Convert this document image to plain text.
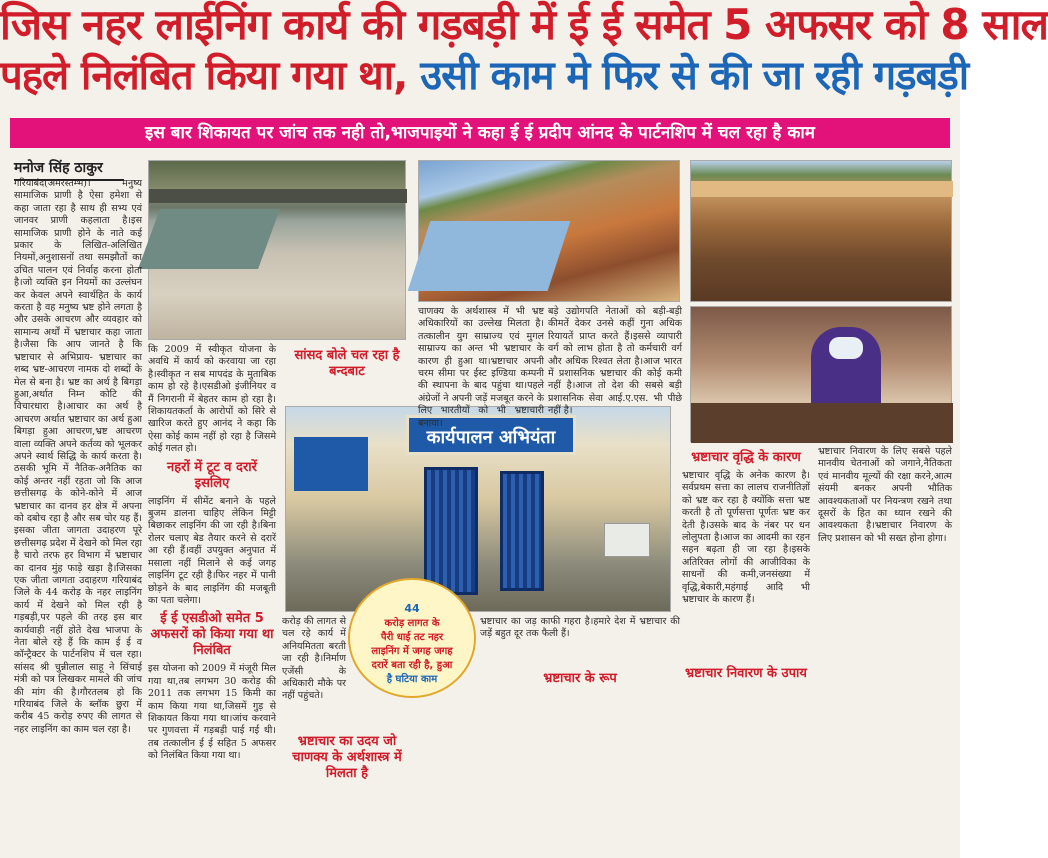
जिस नहर लाईनिंग कार्य की गड़बड़ी में ई ई समेत 5 अफसर को 8 साल
पहले निलंबित किया गया था, उसी काम मे फिर से की जा रही गड़बड़ी
इस बार शिकायत पर जांच तक नही तो,भाजपाइयों ने कहा ई ई प्रदीप आंनद के पार्टनशिप में चल रहा है काम
मनोज सिंह ठाकुर
कार्यपालन अभियंता

गरियाबंद(अमरस्तम्भ)। मनुष्य सामाजिक प्राणी है ऐसा हमेशा से कहा जाता रहा है साथ ही सभ्य एवं जानवर प्राणी कहलाता है।इस सामाजिक प्राणी होने के नाते कई प्रकार के लिखित-अलिखित नियमों,अनुशासनों तथा समझौतों का उचित पालन एवं निर्वाह करना होता है।जो व्यक्ति इन नियमों का उल्लंघन कर केवल अपने स्वार्थहित के कार्य करता है वह मनुष्य भ्रष्ट होने लगता है और उसके आचरण और व्यवहार को सामान्य अर्थों में भ्रष्टाचार कहा जाता है।जैसा कि आप जानते है कि भ्रष्टाचार से अभिप्राय- भ्रष्टाचार का शब्द भ्रष्ट-आचरण नामक दो शब्दों के मेल से बना है। भ्रष्ट का अर्थ है बिगड़ा हुआ,अर्थात निम्न कोटि की विचारधारा है।आचार का अर्थ है आचरण अर्थात भ्रष्टाचार का अर्थ हुआ बिगड़ा हुआ आचरण,भ्रष्ट आचरण वाला व्यक्ति अपने कर्तव्य को भूलकर अपने स्वार्थ सिद्धि के कार्य करता है।ठसकी भूमि में नैतिक-अनैतिक का कोई अन्तर नहीं रहता जो कि आज छत्तीसगढ़ के कोने-कोने में आज भ्रष्टाचार का दानव हर क्षेत्र में अपना को दबोच रहा है और सब चोर यह हैं।इसका जीता जागता उदाहरण पूरे छत्तीसगढ़ प्रदेश में देखने को मिल रहा है चारो तरफ हर विभाग में भ्रष्टाचार का दानव मुंह फाड़े खड़ा है।जिसका एक जीता जागता उदाहरण गरियाबंद जिले के 44 करोड़ के नहर लाइनिंग कार्य में देखने को मिल रही है गड़बड़ी,पर पहले की तरह इस बार कार्यवाही नहीं होते देख भाजपा के नेता बोले रहे हैं कि काम ई ई व कॉन्ट्रैक्टर के पार्टनशिप में चल रहा।सांसद श्री चुन्नीलाल साहू ने सिंचाई मंत्री को पत्र लिखकर मामले की जांच की मांग की है।गौरतलब हो कि गरियाबंद जिले के ब्लॉक छुरा में करीब 45 करोड़ रुपए की लागत से नहर लाइनिंग का काम चल रहा है।

कि 2009 में स्वीकृत योजना के अवधि में कार्य को करवाया जा रहा है।स्वीकृत न सब मापदंड के मुताबिक काम हो रहे है।एसडीओ इंजीनियर व मैं निगरानी में बेहतर काम हो रहा है।शिकायतकर्ता के आरोपों को सिरे से खारिज करते हुए आनंद ने कहा कि ऐसा कोई काम नहीं हो रहा है जिसमे कोई गलत हो।

नहरों में टूट व दरारें इसलिए

लाइनिंग में सीमेंट बनाने के पहले बुजम डालना चाहिए लेकिन मिट्टी बिछाकर लाइनिंग की जा रही है।बिना रोलर चलाए बेड तैयार करने से दरारें आ रही हैं।वहीं उपयुक्त अनुपात में मसाला नहीं मिलाने से कई जगह लाइनिंग टूट रही है।फिर नहर में पानी छोड़ने के बाद लाइनिंग की मजबूती का पता चलेगा।

ई ई एसडीओ समेत 5 अफसरों को किया गया था निलंबित

इस योजना को 2009 में मंजूरी मिल गया था,तब लगभग 30 करोड़ की 2011 तक लगभग 15 किमी का काम किया गया था,जिसमें गुड़ से शिकायत किया गया था।जांच करवाने पर गुणवत्ता में गड़बड़ी पाई गई थी।तब तत्कालीन ई ई सहित 5 अफसर को निलंबित किया गया था।

सांसद बोले चल रहा है बन्दबाट
भ्रष्टाचार का उदय जो चाणक्य के अर्थशास्त्र में मिलता है

करोड़ की लागत से चल रहे कार्य में अनियमितता बरती जा रही है।निर्माण एजेंसी के अधिकारी मौके पर नहीं पहुंचते।

चाणक्य के अर्थशास्त्र में भी भ्रष्ट अधिकारियों का उल्लेख मिलता है।तत्कालीन युग साम्राज्य एवं मुगल साम्राज्य का अन्त भी भ्रष्टाचार के कारण ही हुआ था।भ्रष्टाचार अपनी चरम सीमा पर ईस्ट इण्डिया कम्पनी की स्थापना के बाद पहुंचा था।पहले अंग्रेजों ने अपनी जड़ें मजबूत करने के लिए भारतीयों को भी भ्रष्टाचारी बनाया।

बड़े उद्योगपति नेताओं को बड़ी-बड़ी कीमतें देकर उनसे कहीं गुना अधिक रियायतें प्राप्त करते हैं।इससे व्यापारी वर्ग को लाभ होता है तो कर्मचारी वर्ग और अधिक रिश्वत लेता है।आज भारत में प्रशासनिक भ्रष्टाचार की कोई कमी नहीं है।आज तो देश की सबसे बड़ी प्रशासनिक सेवा आई.ए.एस. भी पीछे नहीं है।

भ्रष्टाचार का जड़ काफी गहरा है।हमारे देश में भ्रष्टाचार की जड़ें बहुत दूर तक फैली हैं।

भ्रष्टाचार के रूप
भ्रष्टाचार वृद्धि के कारण

भ्रष्टाचार वृद्धि के अनेक कारण है।सर्वप्रथम सत्ता का लालच राजनीतिज्ञों को भ्रष्ट कर रहा है क्योंकि सत्ता भ्रष्ट करती है तो पूर्णसत्ता पूर्णतः भ्रष्ट कर देती है।उसके बाद के नंबर पर धन लोलुपता है।आज का आदमी का रहन सहन बढ़ता ही जा रहा है।इसके अतिरिक्त लोगों की आजीविका के साधनों की कमी,जनसंख्या में वृद्धि,बेकारी,महंगाई आदि भी भ्रष्टाचार के कारण हैं।

भ्रष्टाचार निवारण के उपाय

भ्रष्टाचार निवारण के लिए सबसे पहले मानवीय चेतनाओं को जगाने,नैतिकता एवं मानवीय मूल्यों की रक्षा करने,आत्म संयमी बनकर अपनी भौतिक आवश्यकताओं पर नियन्त्रण रखने तथा दूसरों के हित का ध्यान रखने की आवश्यकता है।भ्रष्टाचार निवारण के लिए प्रशासन को भी सख्त होना होगा।

44
करोड़ लागत के
पैरी धाई तट नहर
लाइनिंग में जगह जगह
दरारें बता रही है, हुआ
है घटिया काम
